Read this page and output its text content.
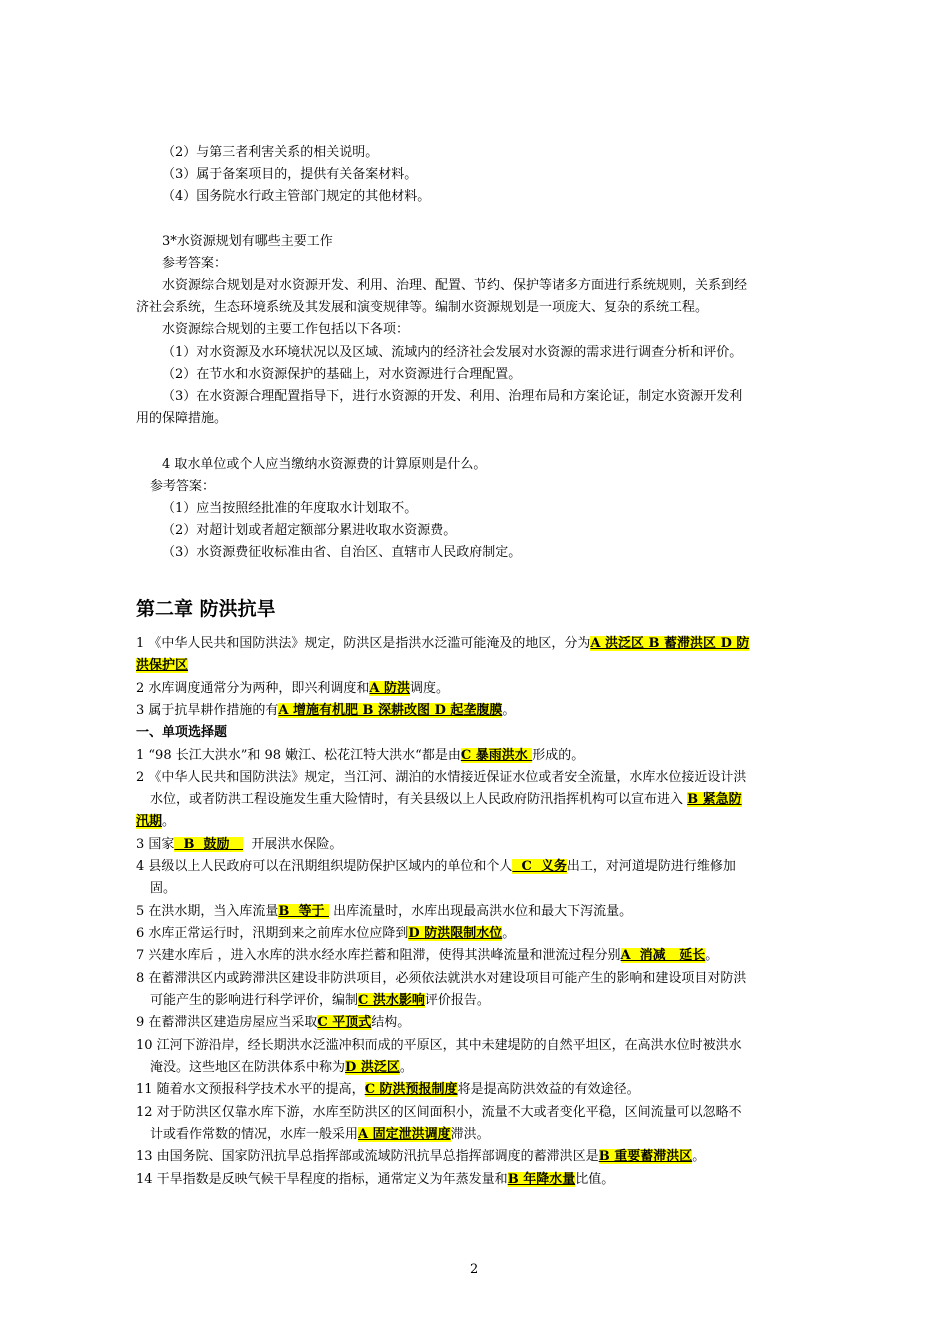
（2）与第三者利害关系的相关说明。
（3）属于备案项目的，提供有关备案材料。
（4）国务院水行政主管部门规定的其他材料。
3*水资源规划有哪些主要工作
参考答案：
水资源综合规划是对水资源开发、利用、治理、配置、节约、保护等诸多方面进行系统规则，关系到经
济社会系统，生态环境系统及其发展和演变规律等。编制水资源规划是一项庞大、复杂的系统工程。
水资源综合规划的主要工作包括以下各项：
（1）对水资源及水环境状况以及区域、流域内的经济社会发展对水资源的需求进行调查分析和评价。
（2）在节水和水资源保护的基础上，对水资源进行合理配置。
（3）在水资源合理配置指导下，进行水资源的开发、利用、治理布局和方案论证，制定水资源开发利
用的保障措施。
4 取水单位或个人应当缴纳水资源费的计算原则是什么。
参考答案：
（1）应当按照经批准的年度取水计划取不。
（2）对超计划或者超定额部分累进收取水资源费。
（3）水资源费征收标准由省、自治区、直辖市人民政府制定。
第二章 防洪抗旱
1 《中华人民共和国防洪法》规定，防洪区是指洪水泛滥可能淹及的地区，分为A 洪泛区 B 蓄滞洪区 D 防
洪保护区
2 水库调度通常分为两种，即兴利调度和A 防洪调度。
3 属于抗旱耕作措施的有A 增施有机肥 B 深耕改图 D 起垄腹膜。
一、单项选择题
1 “98 长江大洪水”和 98 嫩江、松花江特大洪水“都是由C 暴雨洪水 形成的。
2 《中华人民共和国防洪法》规定，当江河、湖泊的水情接近保证水位或者安全流量，水库水位接近设计洪
水位，或者防洪工程设施发生重大险情时，有关县级以上人民政府防汛指挥机构可以宣布进入 B 紧急防
汛期。
3 国家  B  鼓励     开展洪水保险。
4 县级以上人民政府可以在汛期组织堤防保护区域内的单位和个人  C  义务出工，对河道堤防进行维修加
固。
5 在洪水期，当入库流量B  等于  出库流量时，水库出现最高洪水位和最大下泻流量。
6 水库正常运行时，汛期到来之前库水位应降到D 防洪限制水位。
7 兴建水库后 ，进入水库的洪水经水库拦蓄和阻滞，使得其洪峰流量和泄流过程分别A  消减   延长。
8 在蓄滞洪区内或跨滞洪区建设非防洪项目，必须依法就洪水对建设项目可能产生的影响和建设项目对防洪
可能产生的影响进行科学评价，编制C 洪水影响评价报告。
9 在蓄滞洪区建造房屋应当采取C 平顶式结构。
10 江河下游沿岸，经长期洪水泛滥冲积而成的平原区，其中未建堤防的自然平坦区，在高洪水位时被洪水
淹没。这些地区在防洪体系中称为D 洪泛区。
11 随着水文预报科学技术水平的提高，C 防洪预报制度将是提高防洪效益的有效途径。
12 对于防洪区仅靠水库下游，水库至防洪区的区间面积小，流量不大或者变化平稳，区间流量可以忽略不
计或看作常数的情况，水库一般采用A 固定泄洪调度滞洪。
13 由国务院、国家防汛抗旱总指挥部或流域防汛抗旱总指挥部调度的蓄滞洪区是B 重要蓄滞洪区。
14 干旱指数是反映气候干旱程度的指标，通常定义为年蒸发量和B 年降水量比值。
2
